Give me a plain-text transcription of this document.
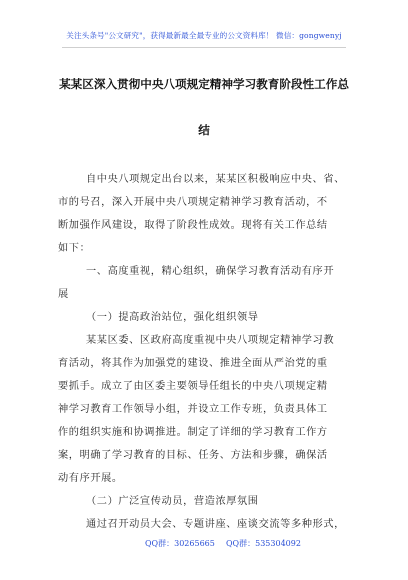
关注头条号"公文研究"，获得最新最全最专业的公文资料库！ 微信：gongwenyj
某某区深入贯彻中央八项规定精神学习教育阶段性工作总
结
自中央八项规定出台以来，某某区积极响应中央、省、
市的号召，深入开展中央八项规定精神学习教育活动，不
断加强作风建设，取得了阶段性成效。现将有关工作总结
如下：
一、高度重视，精心组织，确保学习教育活动有序开
展
（一）提高政治站位，强化组织领导
某某区委、区政府高度重视中央八项规定精神学习教
育活动，将其作为加强党的建设、推进全面从严治党的重
要抓手。成立了由区委主要领导任组长的中央八项规定精
神学习教育工作领导小组，并设立工作专班，负责具体工
作的组织实施和协调推进。制定了详细的学习教育工作方
案，明确了学习教育的目标、任务、方法和步骤，确保活
动有序开展。
（二）广泛宣传动员，营造浓厚氛围
通过召开动员大会、专题讲座、座谈交流等多种形式，
QQ群：30265665 QQ群：535304092
